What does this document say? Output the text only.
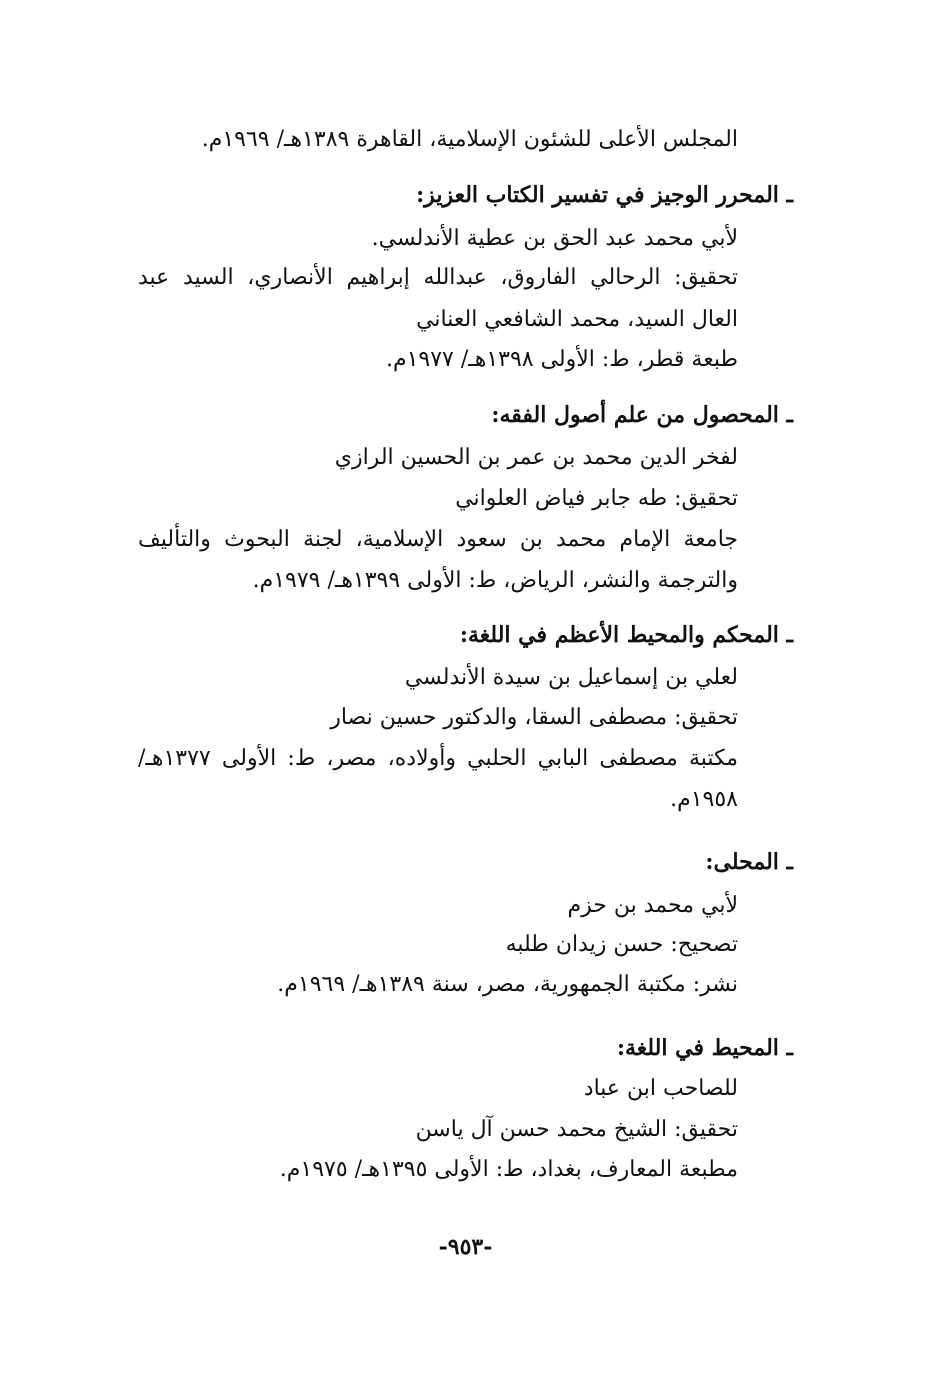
المجلس الأعلى للشئون الإسلامية، القاهرة ١٣٨٩هـ/ ١٩٦٩م.
ـ المحرر الوجيز في تفسير الكتاب العزيز:
لأبي محمد عبد الحق بن عطية الأندلسي.
تحقيق: الرحالي الفاروق، عبدالله إبراهيم الأنصاري، السيد عبد
العال السيد، محمد الشافعي العناني
طبعة قطر، ط: الأولى ١٣٩٨هـ/ ١٩٧٧م.
ـ المحصول من علم أصول الفقه:
لفخر الدين محمد بن عمر بن الحسين الرازي
تحقيق: طه جابر فياض العلواني
جامعة الإمام محمد بن سعود الإسلامية، لجنة البحوث والتأليف
والترجمة والنشر، الرياض، ط: الأولى ١٣٩٩هـ/ ١٩٧٩م.
ـ المحكم والمحيط الأعظم في اللغة:
لعلي بن إسماعيل بن سيدة الأندلسي
تحقيق: مصطفى السقا، والدكتور حسين نصار
مكتبة مصطفى البابي الحلبي وأولاده، مصر، ط: الأولى ١٣٧٧هـ/
١٩٥٨م.
ـ المحلى:
لأبي محمد بن حزم
تصحيح: حسن زيدان طلبه
نشر: مكتبة الجمهورية، مصر، سنة ١٣٨٩هـ/ ١٩٦٩م.
ـ المحيط في اللغة:
للصاحب ابن عباد
تحقيق: الشيخ محمد حسن آل ياسن
مطبعة المعارف، بغداد، ط: الأولى ١٣٩٥هـ/ ١٩٧٥م.
-٩٥٣-
